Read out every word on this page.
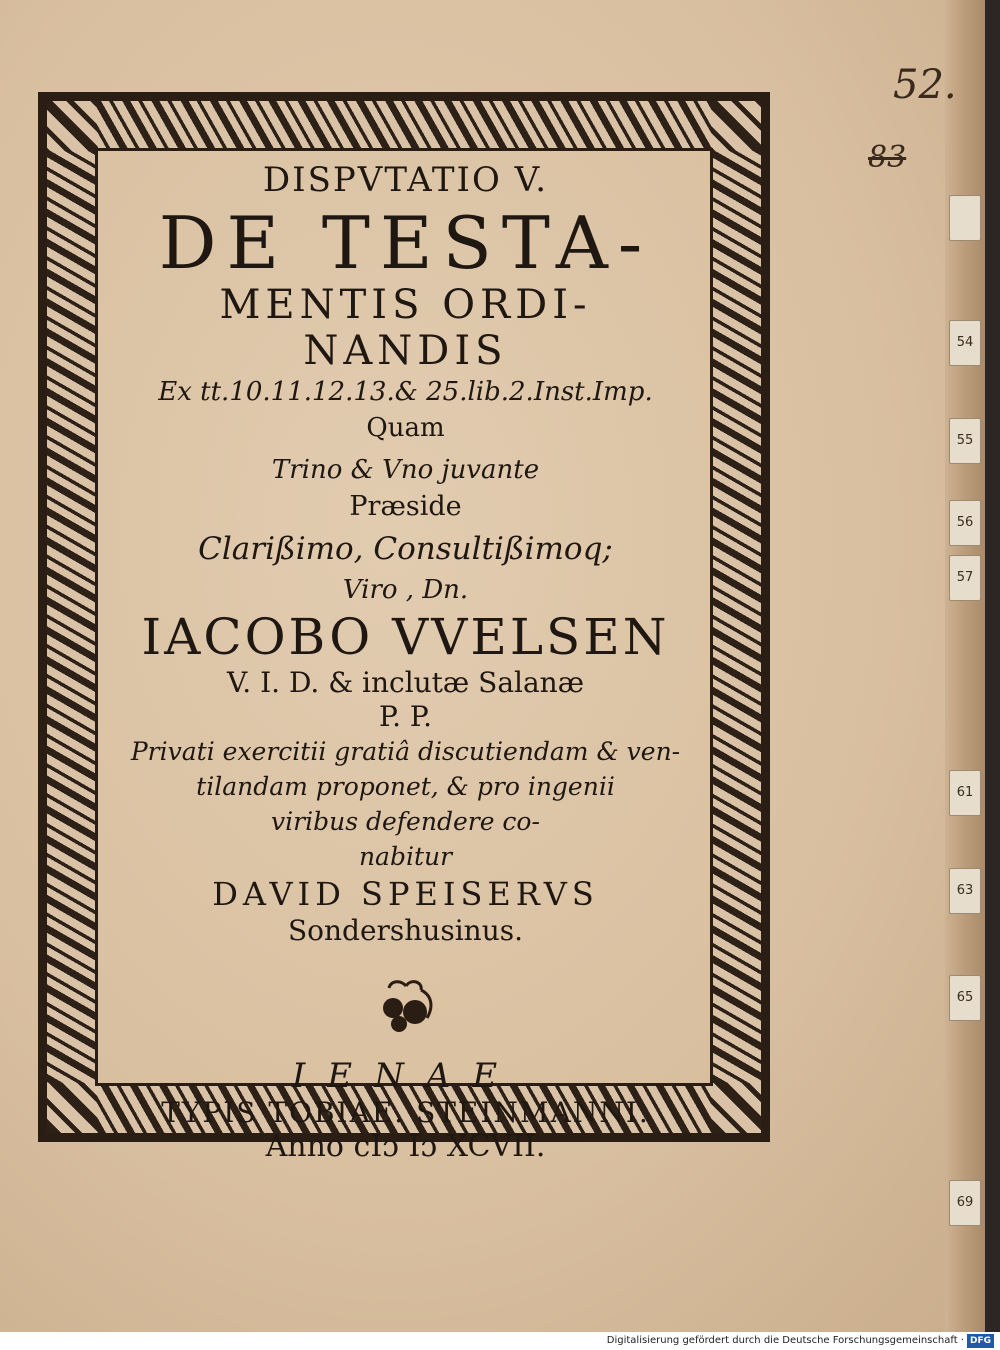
54
55
56
57
61
63
65
69
52.
83
DISPVTATIO V.
DE TESTA-
MENTIS ORDI-
NANDIS
Ex tt.10.11.12.13.& 25.lib.2.Inst.Imp.
Quam
Trino & Vno juvante
Præside
Clarißimo, Consultißimoq;
Viro , Dn.
IACOBO VVELSEN
V. I. D. & inclutæ Salanæ
P. P.
Privati exercitii gratiâ discutiendam & ven-
tilandam proponet, & pro ingenii
viribus defendere co-
nabitur
DAVID SPEISERVS
Sondershusinus.
IENAE
TYPIS TOBIAE. STEINMANNI.
Anno cIɔ Iɔ XCVII.
Digitalisierung gefördert durch die Deutsche Forschungsgemeinschaft · DFG
